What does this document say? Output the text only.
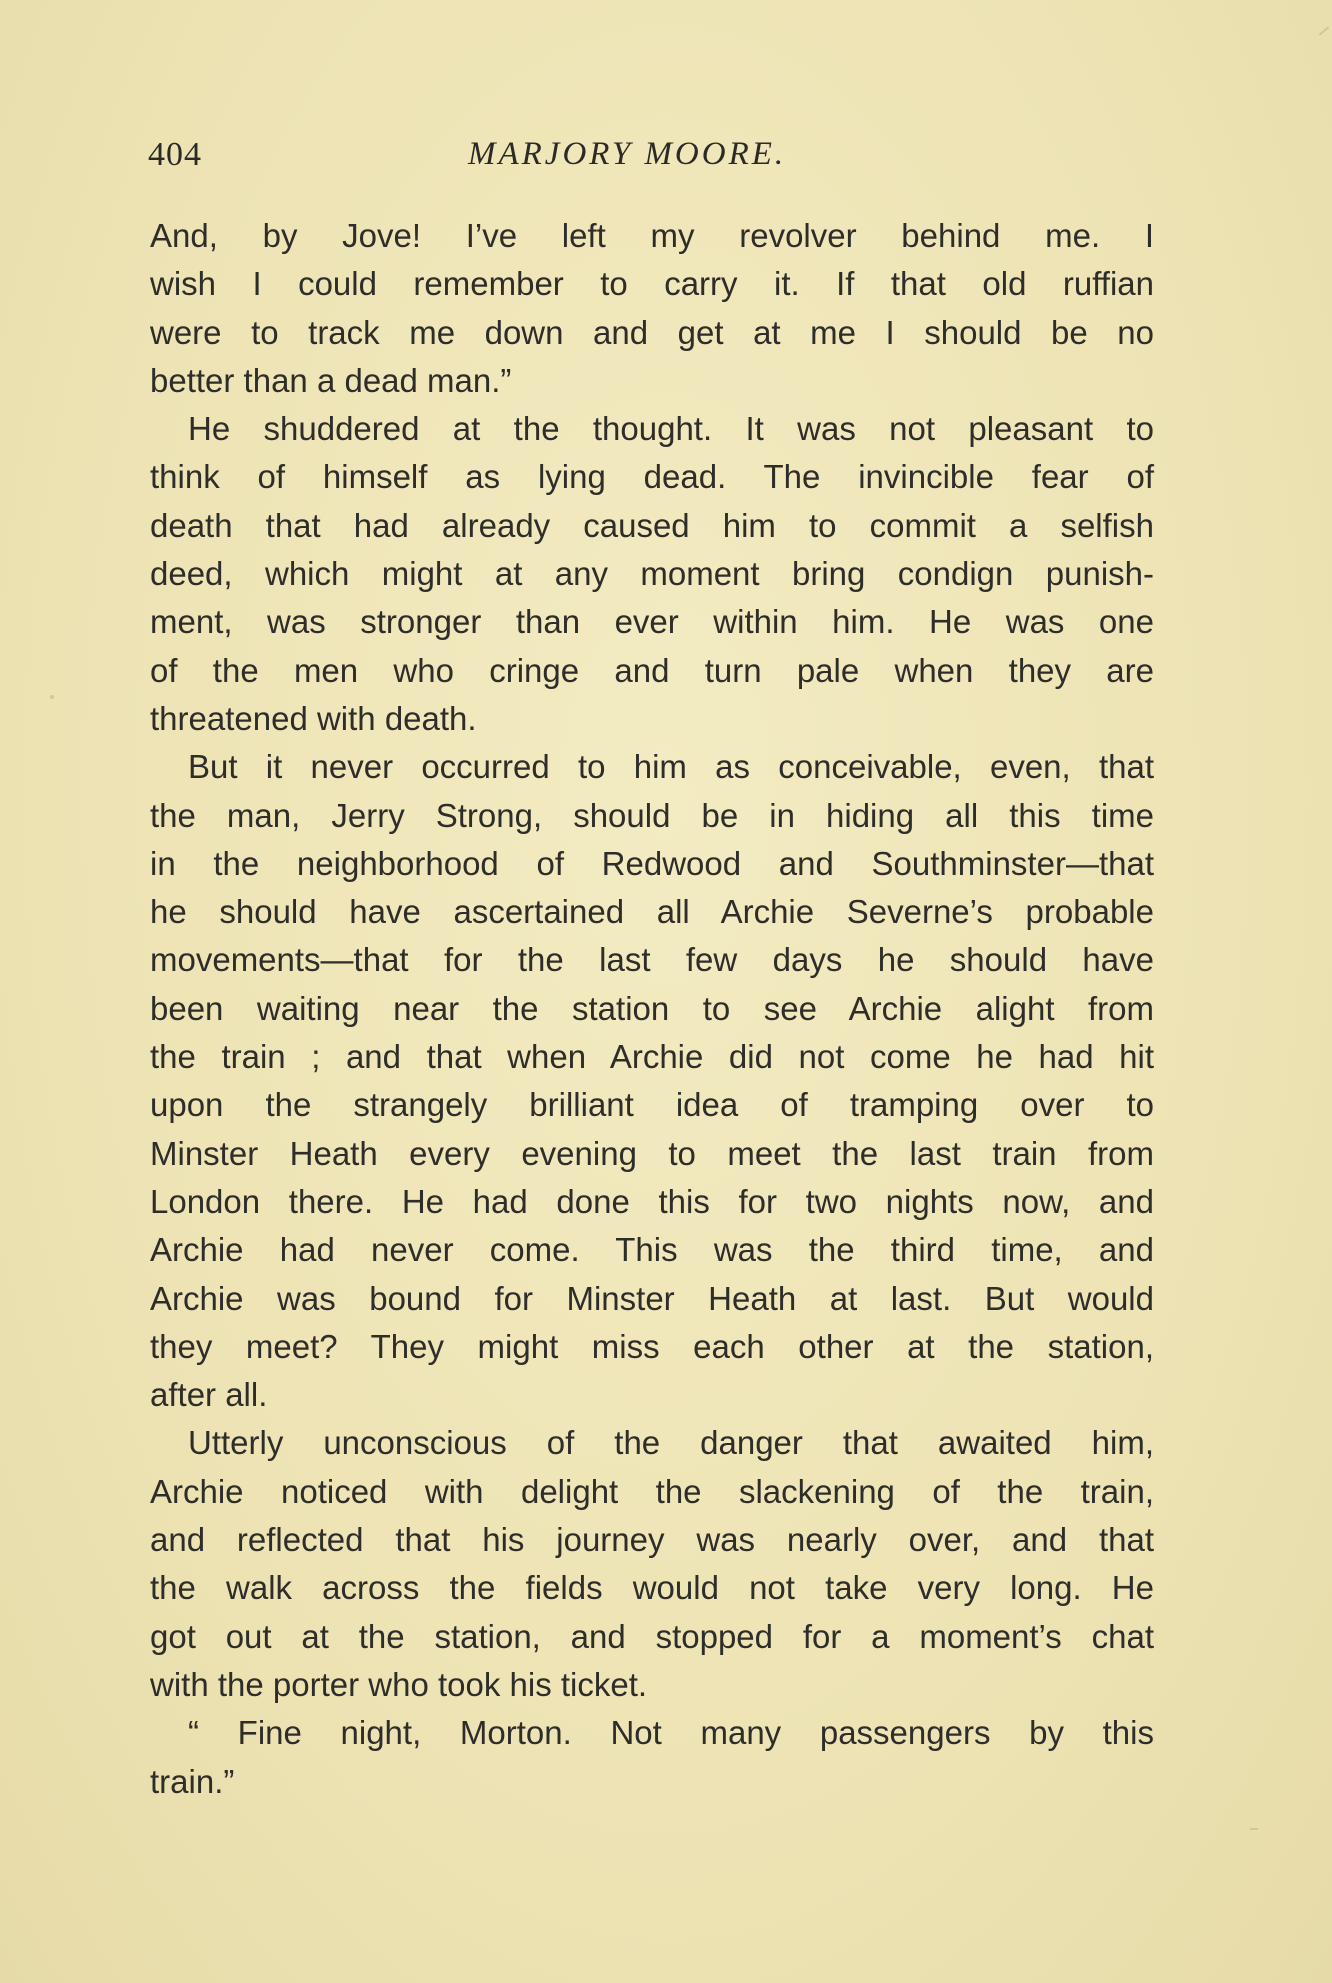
404	MARJORY MOORE.
And, by Jove! I’ve left my revolver behind me. I
wish I could remember to carry it. If that old ruffian
were to track me down and get at me I should be no
better than a dead man.”
He shuddered at the thought. It was not pleasant to
think of himself as lying dead. The invincible fear of
death that had already caused him to commit a selfish
deed, which might at any moment bring condign punish-
ment, was stronger than ever within him. He was one
of the men who cringe and turn pale when they are
threatened with death.
But it never occurred to him as conceivable, even, that
the man, Jerry Strong, should be in hiding all this time
in the neighborhood of Redwood and Southminster—that
he should have ascertained all Archie Severne’s probable
movements—that for the last few days he should have
been waiting near the station to see Archie alight from
the train ; and that when Archie did not come he had hit
upon the strangely brilliant idea of tramping over to
Minster Heath every evening to meet the last train from
London there. He had done this for two nights now, and
Archie had never come. This was the third time, and
Archie was bound for Minster Heath at last. But would
they meet? They might miss each other at the station,
after all.
Utterly unconscious of the danger that awaited him,
Archie noticed with delight the slackening of the train,
and reflected that his journey was nearly over, and that
the walk across the fields would not take very long. He
got out at the station, and stopped for a moment’s chat
with the porter who took his ticket.
“ Fine night, Morton. Not many passengers by this
train.”
